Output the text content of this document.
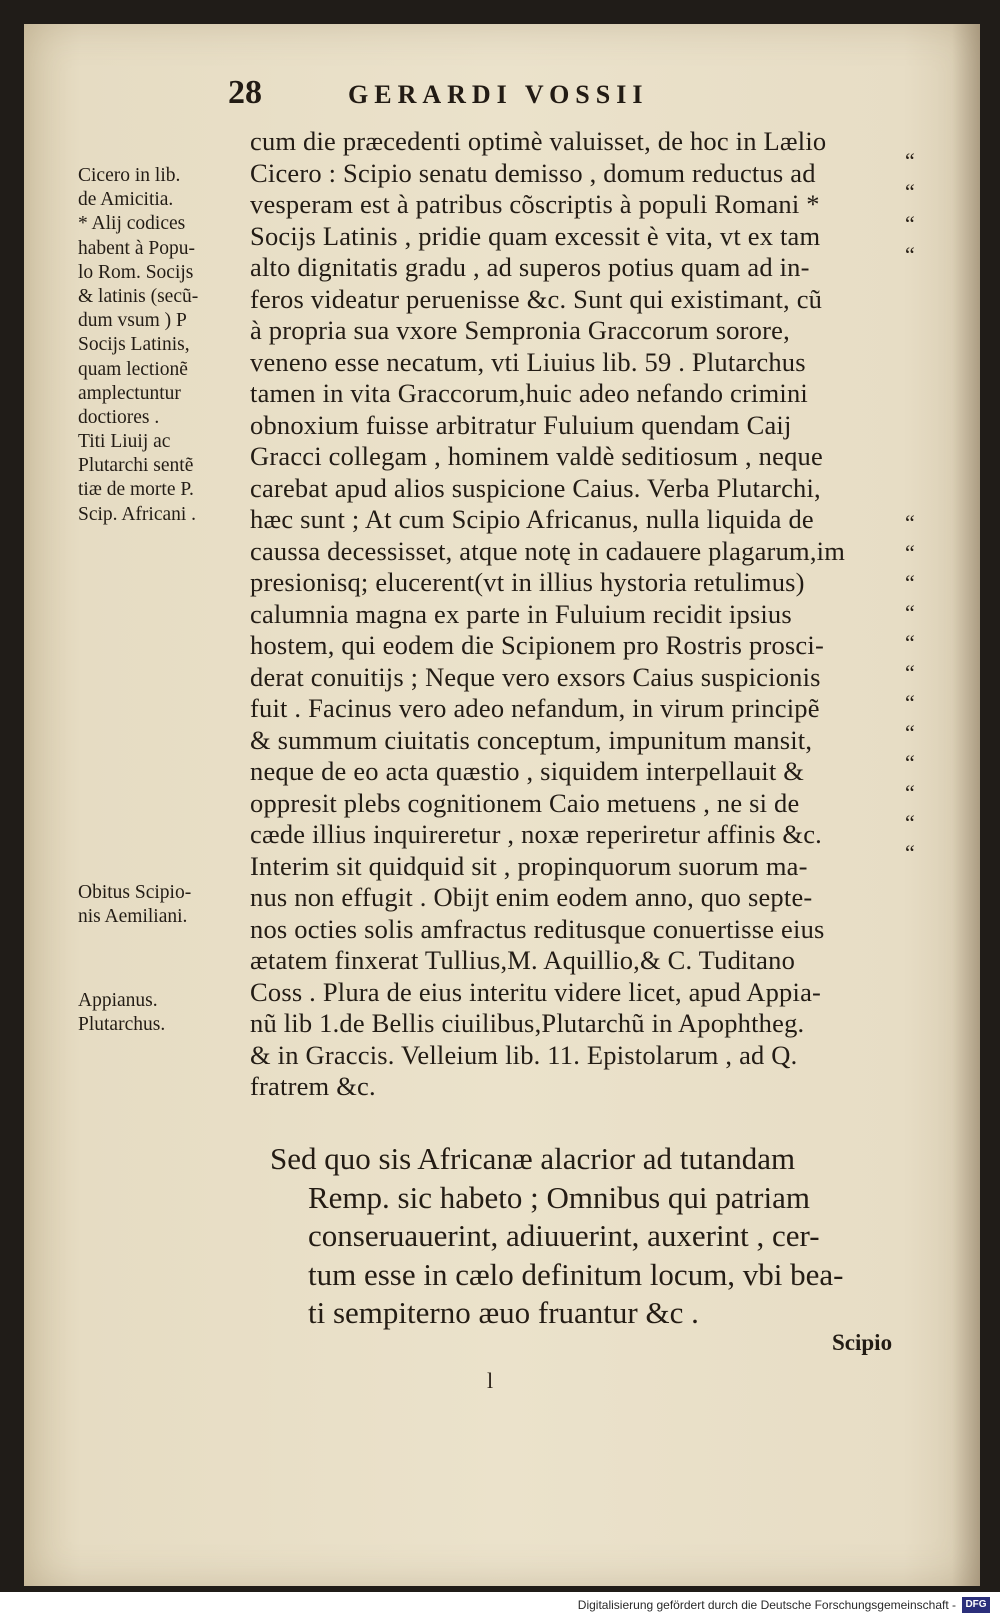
28	GERARDI VOSSII
cum die præcedenti optimè valuisset, de hoc in Lælio
Cicero : Scipio senatu demisso , domum reductus ad
vesperam est à patribus cõscriptis à populi Romani *
Socijs Latinis , pridie quam excessit è vita, vt ex tam
alto dignitatis gradu , ad superos potius quam ad in-
feros videatur peruenisse &c. Sunt qui existimant, cũ
à propria sua vxore Sempronia Graccorum sorore,
veneno esse necatum, vti Liuius lib. 59 . Plutarchus
tamen in vita Graccorum,huic adeo nefando crimini
obnoxium fuisse arbitratur Fuluium quendam Caij
Gracci collegam , hominem valdè seditiosum , neque
carebat apud alios suspicione Caius. Verba Plutarchi,
hæc sunt ; At cum Scipio Africanus, nulla liquida de
caussa decessisset, atque notę in cadauere plagarum,im
presionisq; elucerent(vt in illius hystoria retulimus)
calumnia magna ex parte in Fuluium recidit ipsius
hostem, qui eodem die Scipionem pro Rostris prosci-
derat conuitijs ; Neque vero exsors Caius suspicionis
fuit . Facinus vero adeo nefandum, in virum principẽ
& summum ciuitatis conceptum, impunitum mansit,
neque de eo acta quæstio , siquidem interpellauit &
oppresit plebs cognitionem Caio metuens , ne si de
cæde illius inquireretur , noxæ reperiretur affinis &c.
Interim sit quidquid sit , propinquorum suorum ma-
nus non effugit . Obijt enim eodem anno, quo septe-
nos octies solis amfractus reditusque conuertisse eius
ætatem finxerat Tullius,M. Aquillio,& C. Tuditano
Coss . Plura de eius interitu videre licet, apud Appia-
nũ lib 1.de Bellis ciuilibus,Plutarchũ in Apophtheg.
& in Graccis. Velleium lib. 11. Epistolarum , ad Q.
fratrem &c.
Cicero in lib.
de Amicitia.
* Alij codices
habent à Popu-
lo Rom. Socijs
& latinis (secũ-
dum vsum ) P
Socijs Latinis,
quam lectionẽ
amplectuntur
doctiores .
Titi Liuij ac
Plutarchi sentẽ
tiæ de morte P.
Scip. Africani .
Obitus Scipio-
nis Aemiliani.
Appianus.
Plutarchus.
“
“
“
“
“
“
“
“
“
“
“
“
“
“
“
“
Sed quo sis Africanæ alacrior ad tutandam
Remp. sic habeto ; Omnibus qui patriam
conseruauerint, adiuuerint, auxerint , cer-
tum esse in cælo definitum locum, vbi bea-
ti sempiterno æuo fruantur &c .
Scipio
l
Digitalisierung gefördert durch die Deutsche Forschungsgemeinschaft - DFG
